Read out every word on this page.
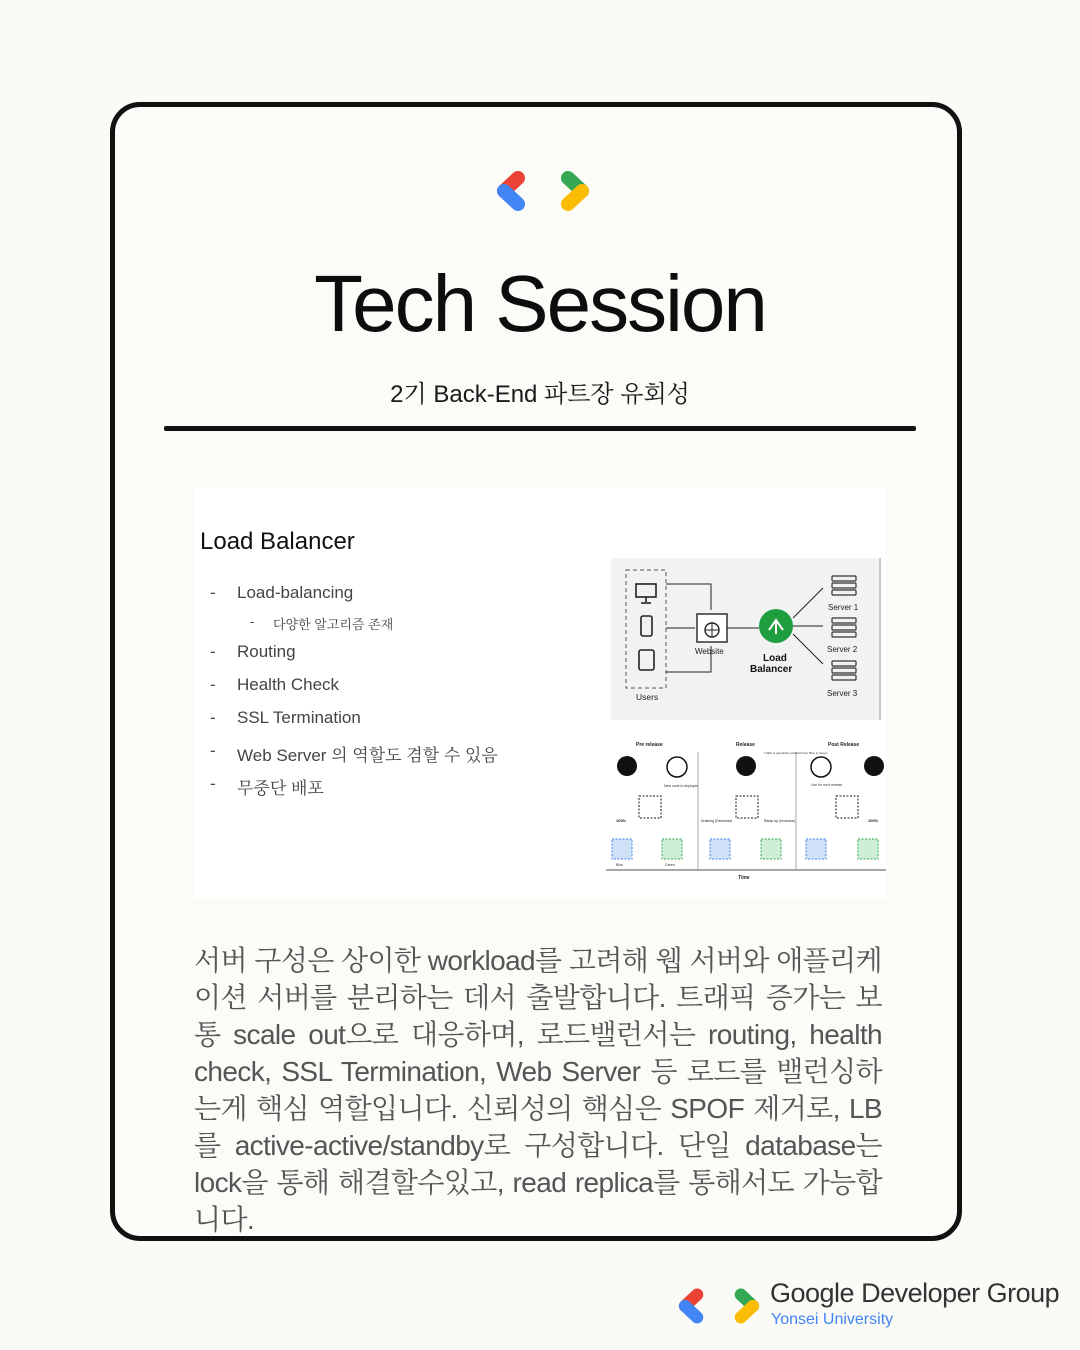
Tech Session
2기 Back-End 파트장 유회성
Load Balancer
- Load-balancing
- 다양한 알고리즘 존재
- Routing
- Health Check
- SSL Termination
- Web Server 의 역할도 겸할 수 있음
- 무중단 배포
Users
Website
Load
Balancer
Server 1
Server 2
Server 3
Pre release	Release	Post Release
New code is deployed
Traffic is gracefully switched from Blue to Green
Use for next release
100%	100%
Draining (Decrease)	Ramp up (Increase)
Blue	Green
Time
서버 구성은 상이한 workload를 고려해 웹 서버와 애플리케이션 서버를 분리하는 데서 출발합니다. 트래픽 증가는 보통 scale out으로 대응하며, 로드밸런서는 routing, health check, SSL Termination, Web Server 등 로드를 밸런싱하는게 핵심 역할입니다. 신뢰성의 핵심은 SPOF 제거로, LB를 active-active/standby로 구성합니다. 단일 database는 lock을 통해 해결할수있고, read replica를 통해서도 가능합니다.
Google Developer Group
Yonsei University
